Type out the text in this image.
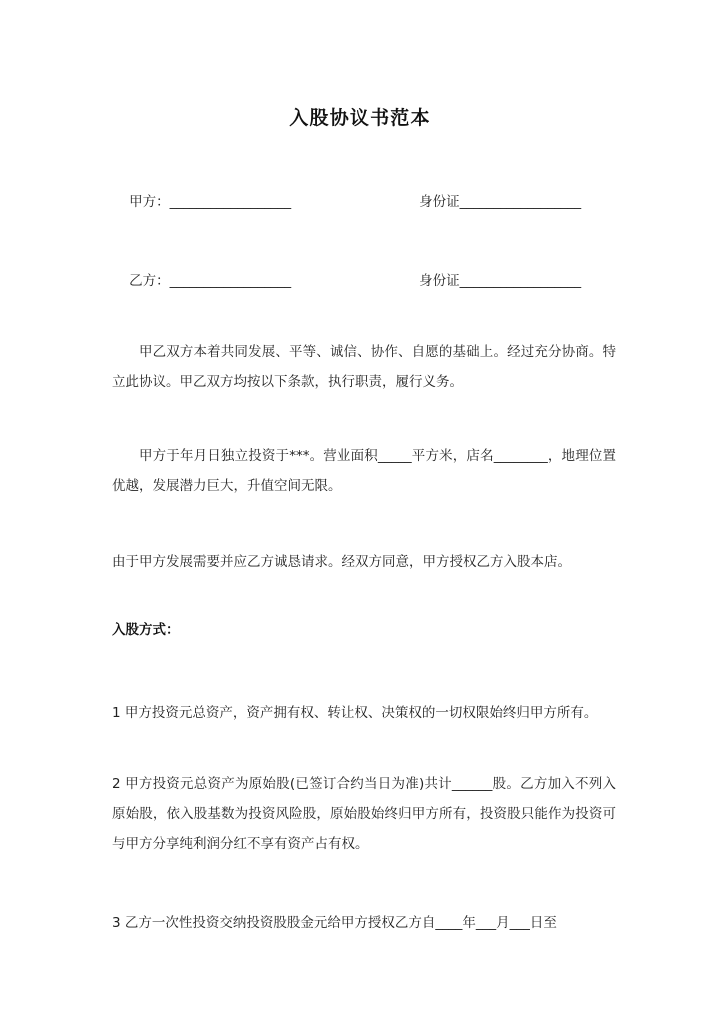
入股协议书范本

甲方：__________________	身份证__________________

乙方：__________________	身份证__________________

甲乙双方本着共同发展、平等、诚信、协作、自愿的基础上。经过充分协商。特立此协议。甲乙双方均按以下条款，执行职责，履行义务。

甲方于年月日独立投资于***。营业面积_____平方米，店名________，地理位置优越，发展潜力巨大，升值空间无限。

由于甲方发展需要并应乙方诚恳请求。经双方同意，甲方授权乙方入股本店。

入股方式：

1 甲方投资元总资产，资产拥有权、转让权、决策权的一切权限始终归甲方所有。

2 甲方投资元总资产为原始股(已签订合约当日为准)共计______股。乙方加入不列入原始股，依入股基数为投资风险股，原始股始终归甲方所有，投资股只能作为投资可与甲方分享纯利润分红不享有资产占有权。

3 乙方一次性投资交纳投资股股金元给甲方授权乙方自____年___月___日至
